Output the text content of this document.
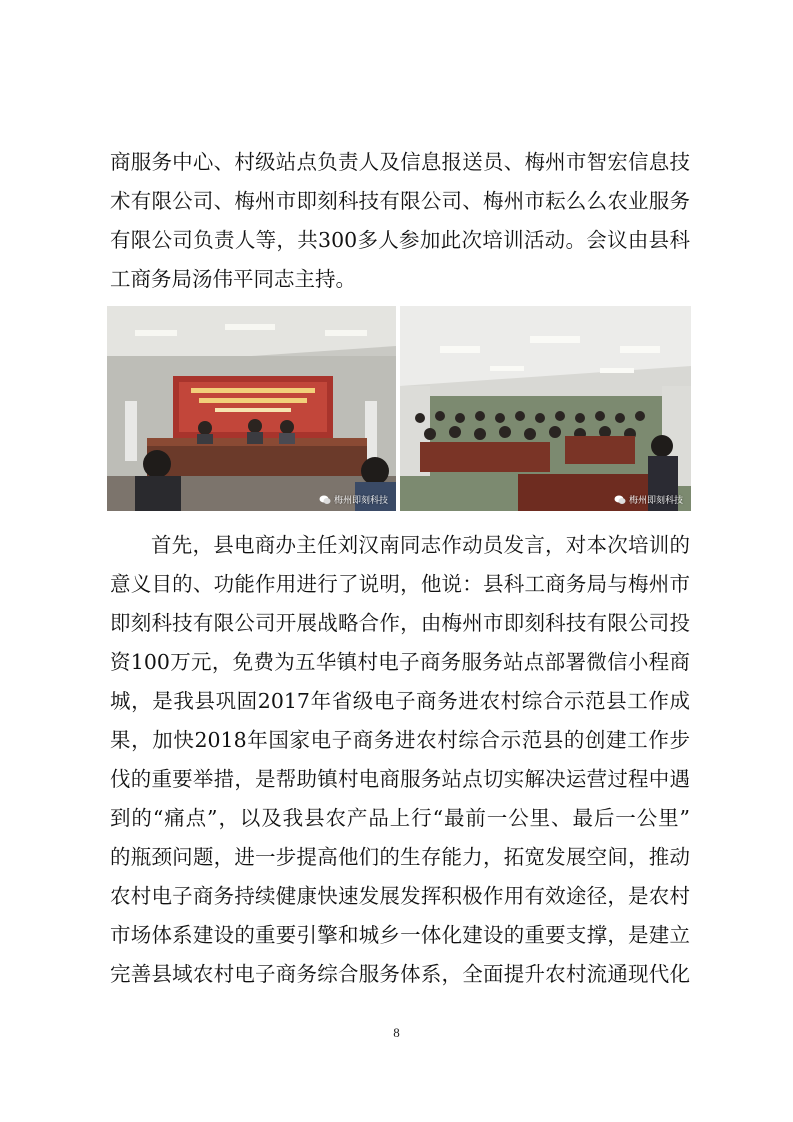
商服务中心、村级站点负责人及信息报送员、梅州市智宏信息技
术有限公司、梅州市即刻科技有限公司、梅州市耘么么农业服务
有限公司负责人等，共300多人参加此次培训活动。会议由县科
工商务局汤伟平同志主持。
梅州即刻科技	梅州即刻科技
首先，县电商办主任刘汉南同志作动员发言，对本次培训的
意义目的、功能作用进行了说明，他说：县科工商务局与梅州市
即刻科技有限公司开展战略合作，由梅州市即刻科技有限公司投
资100万元，免费为五华镇村电子商务服务站点部署微信小程商
城，是我县巩固2017年省级电子商务进农村综合示范县工作成
果，加快2018年国家电子商务进农村综合示范县的创建工作步
伐的重要举措，是帮助镇村电商服务站点切实解决运营过程中遇
到的“痛点”，以及我县农产品上行“最前一公里、最后一公里”
的瓶颈问题，进一步提高他们的生存能力，拓宽发展空间，推动
农村电子商务持续健康快速发展发挥积极作用有效途径，是农村
市场体系建设的重要引擎和城乡一体化建设的重要支撑，是建立
完善县域农村电子商务综合服务体系，全面提升农村流通现代化
8
